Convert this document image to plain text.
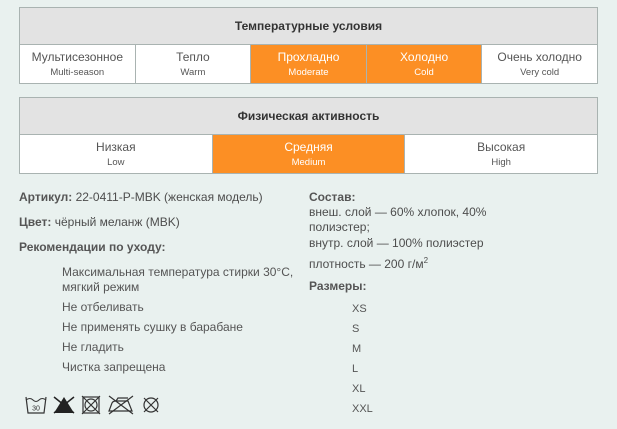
Температурные условия
Мультисезонное
Multi-season
Тепло
Warm
Прохладно
Moderate
Холодно
Cold
Очень холодно
Very cold
Физическая активность
Низкая
Low
Средняя
Medium
Высокая
High
Артикул: 22-0411-P-MBK (женская модель)
Цвет: чёрный меланж (MBK)
Рекомендации по уходу:
Максимальная температура стирки 30°С, мягкий режим
Не отбеливать
Не применять сушку в барабане
Не гладить
Чистка запрещена
30
Состав:
внеш. слой — 60% хлопок, 40%
полиэстер;
внутр. слой — 100% полиэстер
плотность — 200 $г/м^2$
Размеры:
XS
S
M
L
XL
XXL
